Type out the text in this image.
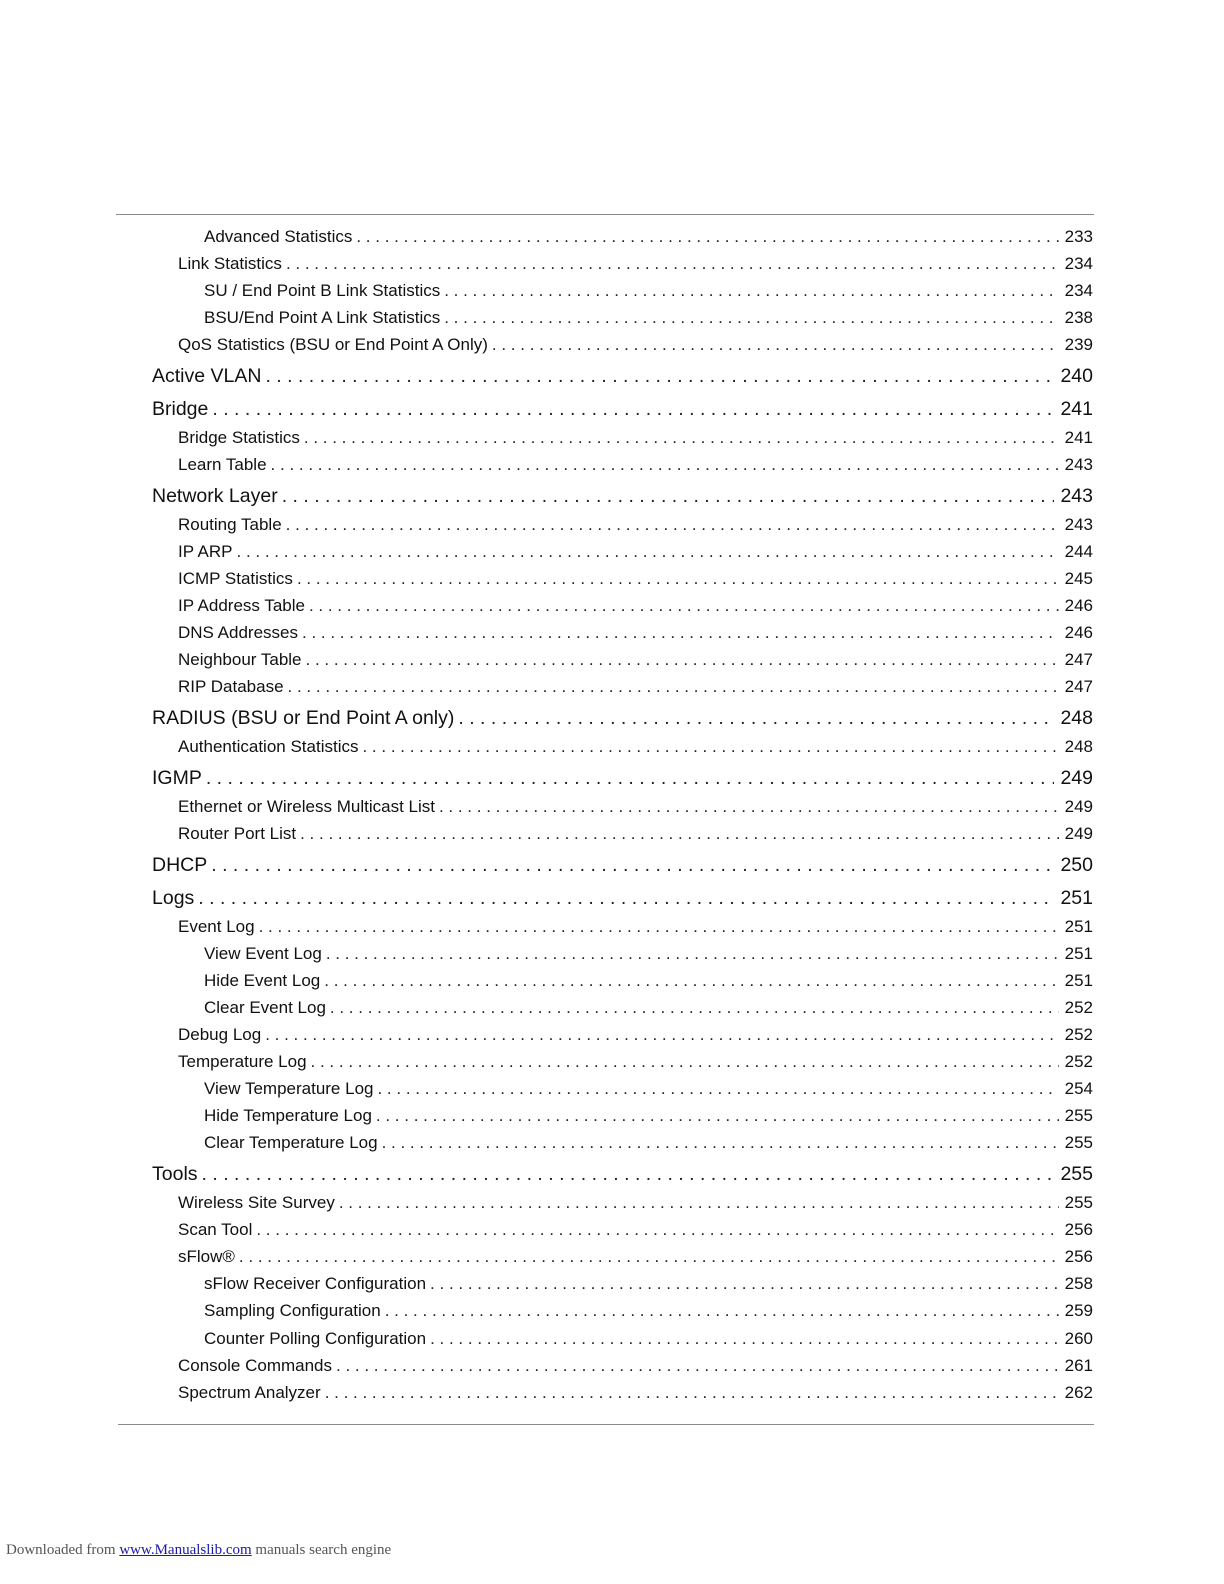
Advanced Statistics . . .	233
Link Statistics . . .	234
SU / End Point B Link Statistics . . .	234
BSU/End Point A Link Statistics . . .	238
QoS Statistics (BSU or End Point A Only) . . .	239
Active VLAN . . .	240
Bridge . . .	241
Bridge Statistics . . .	241
Learn Table . . .	243
Network Layer . . .	243
Routing Table . . .	243
IP ARP . . .	244
ICMP Statistics . . .	245
IP Address Table . . .	246
DNS Addresses . . .	246
Neighbour Table . . .	247
RIP Database . . .	247
RADIUS (BSU or End Point A only) . . .	248
Authentication Statistics . . .	248
IGMP . . .	249
Ethernet or Wireless Multicast List . . .	249
Router Port List . . .	249
DHCP . . .	250
Logs . . .	251
Event Log . . .	251
View Event Log . . .	251
Hide Event Log . . .	251
Clear Event Log . . .	252
Debug Log . . .	252
Temperature Log . . .	252
View Temperature Log . . .	254
Hide Temperature Log . . .	255
Clear Temperature Log . . .	255
Tools . . .	255
Wireless Site Survey . . .	255
Scan Tool . . .	256
sFlow® . . .	256
sFlow Receiver Configuration . . .	258
Sampling Configuration . . .	259
Counter Polling Configuration . . .	260
Console Commands . . .	261
Spectrum Analyzer . . .	262
Downloaded from www.Manualslib.com manuals search engine
